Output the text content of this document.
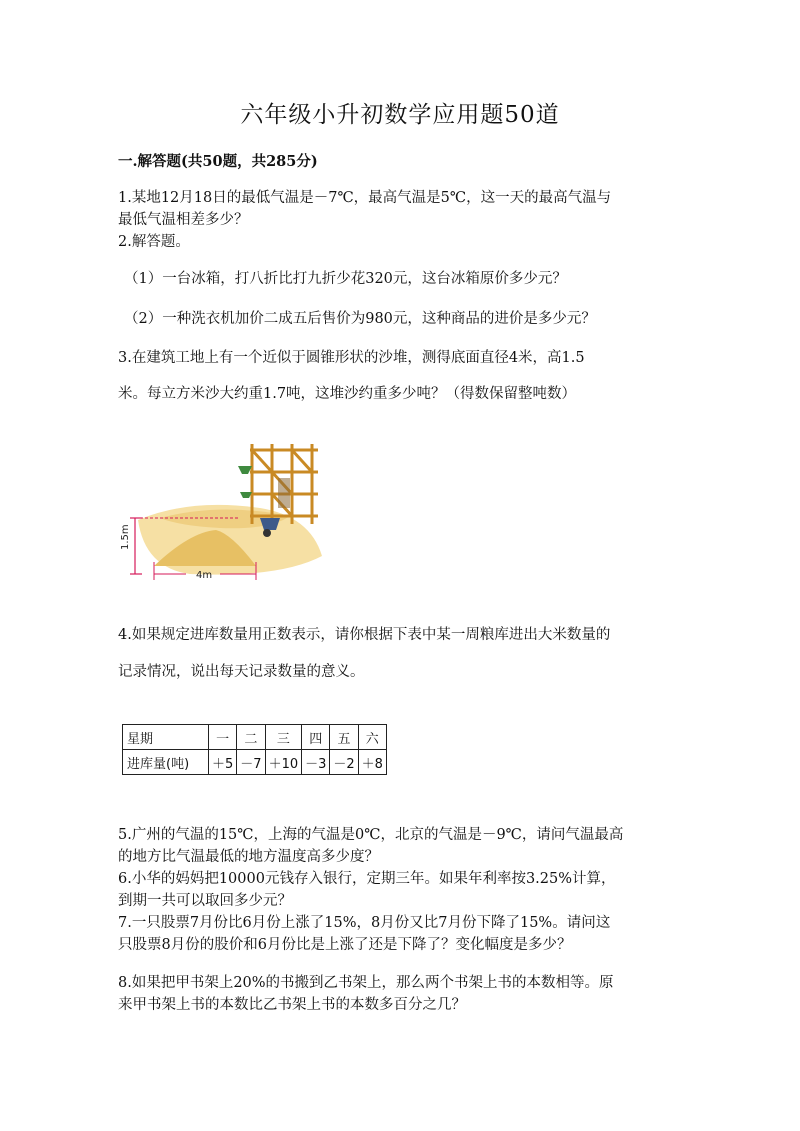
六年级小升初数学应用题50道
一.解答题(共50题，共285分)
1.某地12月18日的最低气温是－7℃，最高气温是5℃，这一天的最高气温与
最低气温相差多少？
2.解答题。
（1）一台冰箱，打八折比打九折少花320元，这台冰箱原价多少元？
（2）一种洗衣机加价二成五后售价为980元，这种商品的进价是多少元？
3.在建筑工地上有一个近似于圆锥形状的沙堆，测得底面直径4米，高1.5
米。每立方米沙大约重1.7吨，这堆沙约重多少吨？（得数保留整吨数）
1.5m
4m
4.如果规定进库数量用正数表示，请你根据下表中某一周粮库进出大米数量的
记录情况，说出每天记录数量的意义。
星期	一	二	三	四	五	六
进库量(吨)	＋5	－7	＋10	－3	－2	＋8
5.广州的气温的15℃，上海的气温是0℃，北京的气温是－9℃，请问气温最高
的地方比气温最低的地方温度高多少度？
6.小华的妈妈把10000元钱存入银行，定期三年。如果年利率按3.25%计算，
到期一共可以取回多少元？
7.一只股票7月份比6月份上涨了15%，8月份又比7月份下降了15%。请问这
只股票8月份的股价和6月份比是上涨了还是下降了？变化幅度是多少？
8.如果把甲书架上20%的书搬到乙书架上，那么两个书架上书的本数相等。原
来甲书架上书的本数比乙书架上书的本数多百分之几？
